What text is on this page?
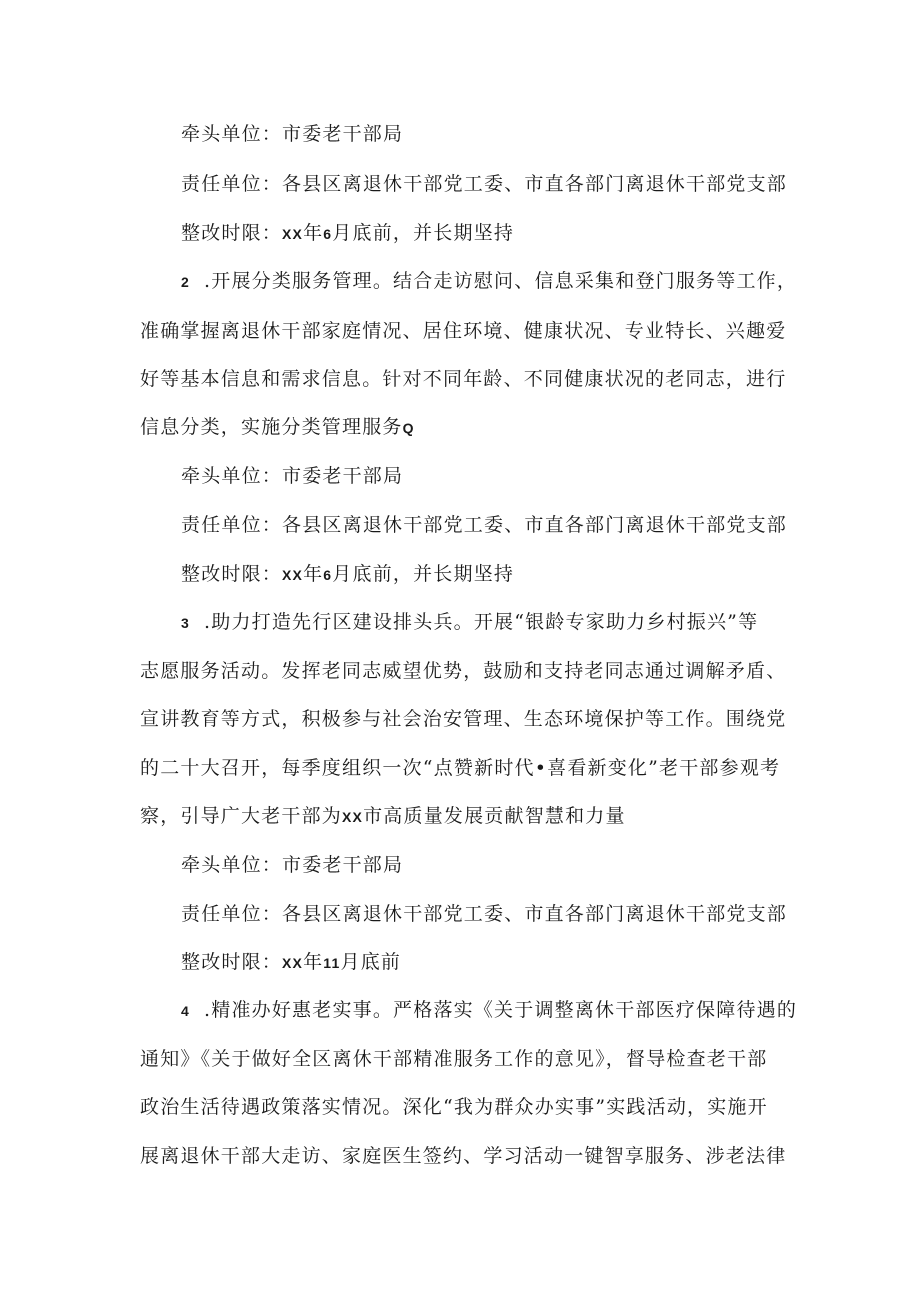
牵头单位：市委老干部局
责任单位：各县区离退休干部党工委、市直各部门离退休干部党支部
整改时限：XX年6月底前，并长期坚持
2 .开展分类服务管理。结合走访慰问、信息采集和登门服务等工作，
准确掌握离退休干部家庭情况、居住环境、健康状况、专业特长、兴趣爱
好等基本信息和需求信息。针对不同年龄、不同健康状况的老同志，进行
信息分类，实施分类管理服务Q
牵头单位：市委老干部局
责任单位：各县区离退休干部党工委、市直各部门离退休干部党支部
整改时限：XX年6月底前，并长期坚持
3 .助力打造先行区建设排头兵。开展“银龄专家助力乡村振兴”等
志愿服务活动。发挥老同志威望优势，鼓励和支持老同志通过调解矛盾、
宣讲教育等方式，积极参与社会治安管理、生态环境保护等工作。围绕党
的二十大召开，每季度组织一次“点赞新时代•喜看新变化”老干部参观考
察，引导广大老干部为XX市高质量发展贡献智慧和力量
牵头单位：市委老干部局
责任单位：各县区离退休干部党工委、市直各部门离退休干部党支部
整改时限：XX年11月底前
4 .精准办好惠老实事。严格落实《关于调整离休干部医疗保障待遇的
通知》《关于做好全区离休干部精准服务工作的意见》，督导检查老干部
政治生活待遇政策落实情况。深化“我为群众办实事”实践活动，实施开
展离退休干部大走访、家庭医生签约、学习活动一键智享服务、涉老法律
